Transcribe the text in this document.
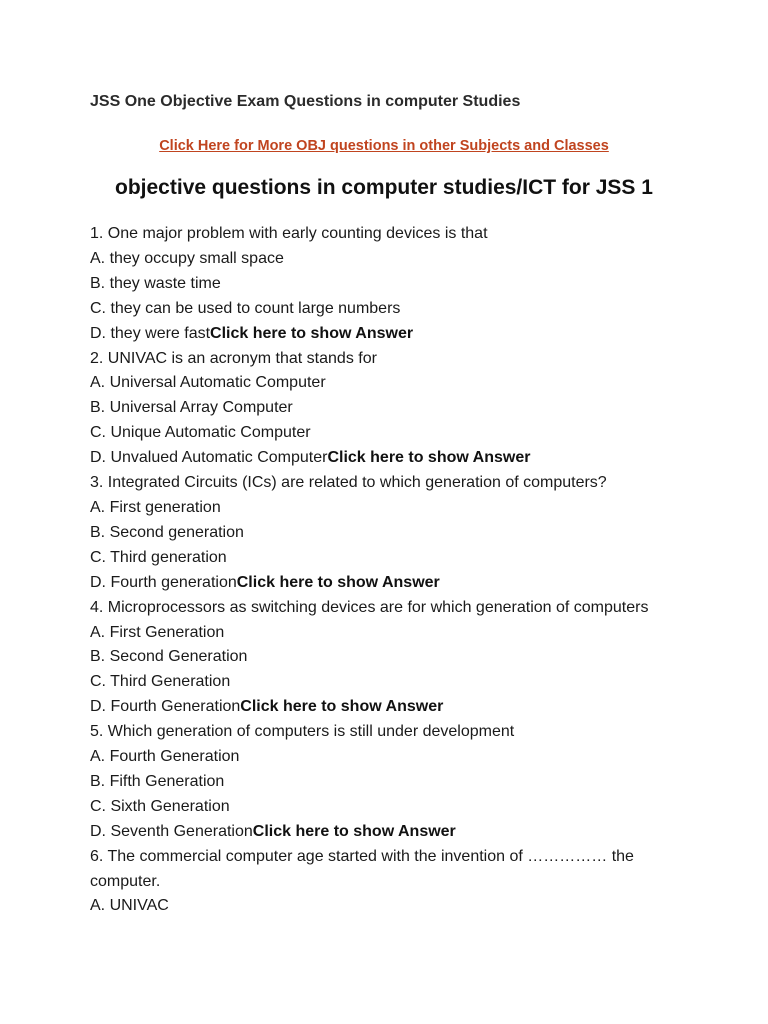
JSS One Objective Exam Questions in computer Studies
Click Here for More OBJ questions in other Subjects and Classes
objective questions in computer studies/ICT for JSS 1

1. One major problem with early counting devices is that

A. they occupy small space

B. they waste time

C. they can be used to count large numbers

D. they were fastClick here to show Answer

2. UNIVAC is an acronym that stands for

A. Universal Automatic Computer

B. Universal Array Computer

C. Unique Automatic Computer

D. Unvalued Automatic ComputerClick here to show Answer

3. Integrated Circuits (ICs) are related to which generation of computers?

A. First generation

B. Second generation

C. Third generation

D. Fourth generationClick here to show Answer

4. Microprocessors as switching devices are for which generation of computers

A. First Generation

B. Second Generation

C. Third Generation

D. Fourth GenerationClick here to show Answer

5. Which generation of computers is still under development

A. Fourth Generation

B. Fifth Generation

C. Sixth Generation

D. Seventh GenerationClick here to show Answer

6. The commercial computer age started with the invention of …………… the computer.

A. UNIVAC
